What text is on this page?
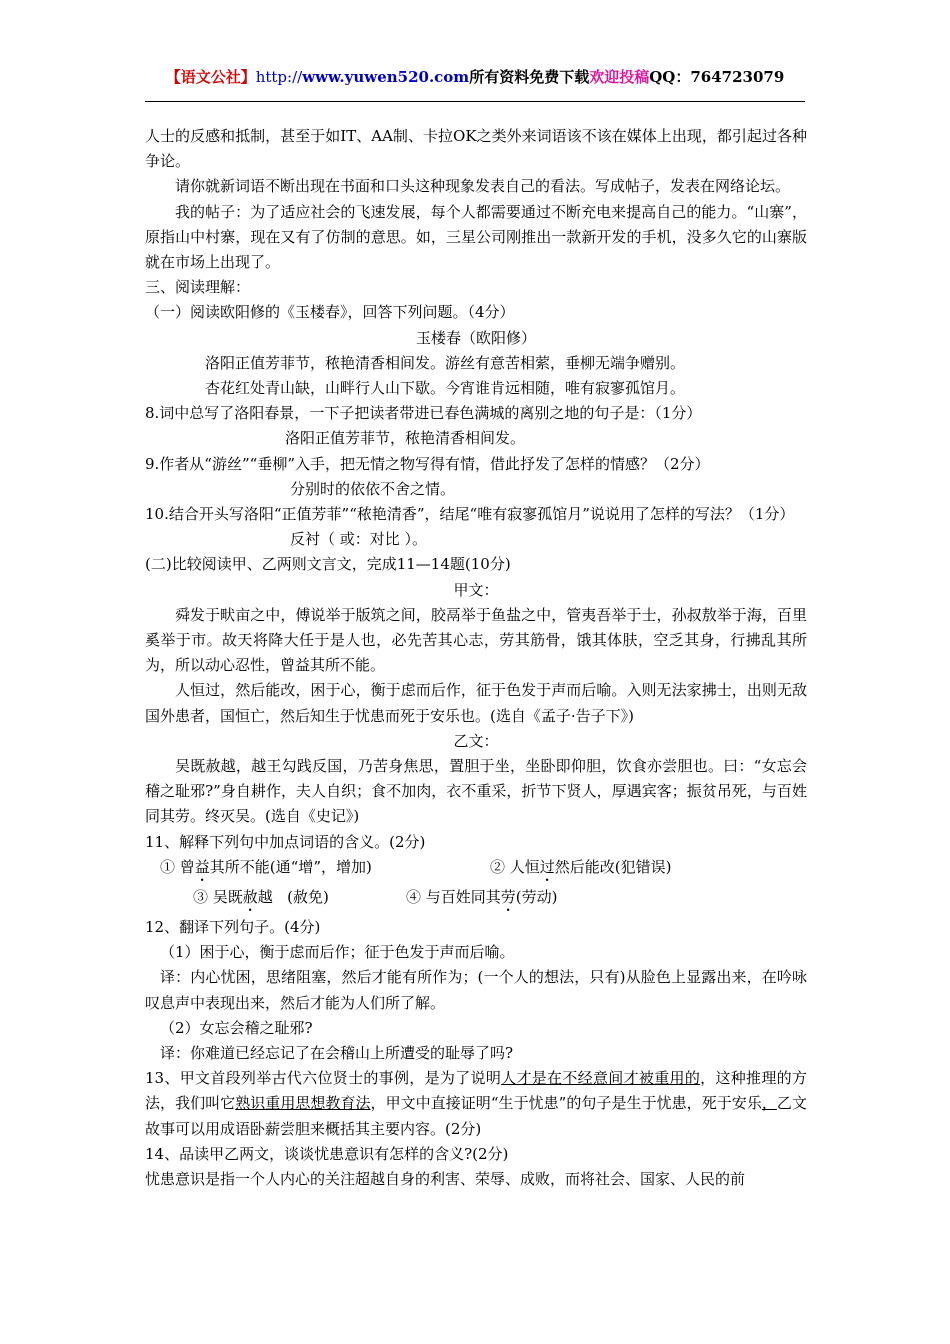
【语文公社】http://www.yuwen520.com所有资料免费下载欢迎投稿QQ：764723079

人士的反感和抵制，甚至于如IT、AA制、卡拉OK之类外来词语该不该在媒体上出现，都引起过各种争论。

请你就新词语不断出现在书面和口头这种现象发表自己的看法。写成帖子，发表在网络论坛。

我的帖子：为了适应社会的飞速发展，每个人都需要通过不断充电来提高自己的能力。“山寨”，原指山中村寨，现在又有了仿制的意思。如，三星公司刚推出一款新开发的手机，没多久它的山寨版就在市场上出现了。

三、阅读理解：

（一）阅读欧阳修的《玉楼春》，回答下列问题。（4分）

玉楼春（欧阳修）

洛阳正值芳菲节，秾艳清香相间发。游丝有意苦相萦，垂柳无端争赠别。

杏花红处青山缺，山畔行人山下歇。今宵谁肯远相随，唯有寂寥孤馆月。

8.词中总写了洛阳春景，一下子把读者带进已春色满城的离别之地的句子是：（1分）

洛阳正值芳菲节，秾艳清香相间发。

9.作者从“游丝”“垂柳”入手，把无情之物写得有情，借此抒发了怎样的情感？（2分）

分别时的依依不舍之情。

10.结合开头写洛阳“正值芳菲”“秾艳清香”，结尾“唯有寂寥孤馆月”说说用了怎样的写法？（1分）

反衬（ 或：对比 ）。

(二)比较阅读甲、乙两则文言文，完成11—14题(10分)

甲文：

舜发于畎亩之中，傅说举于版筑之间，胶鬲举于鱼盐之中，管夷吾举于士，孙叔敖举于海，百里奚举于市。故天将降大任于是人也，必先苦其心志，劳其筋骨，饿其体肤，空乏其身，行拂乱其所为，所以动心忍性，曾益其所不能。

人恒过，然后能改，困于心，衡于虑而后作，征于色发于声而后喻。入则无法家拂士，出则无敌国外患者，国恒亡，然后知生于忧患而死于安乐也。(选自《孟子·告子下》)

乙文：

吴既赦越，越王勾践反国，乃苦身焦思，置胆于坐，坐卧即仰胆，饮食亦尝胆也。曰：“女忘会稽之耻邪?”身自耕作，夫人自织；食不加肉，衣不重采，折节下贤人，厚遇宾客；振贫吊死，与百姓同其劳。终灭吴。(选自《史记》)

11、解释下列句中加点词语的含义。(2分)

① 曾益其所不能(通“增”，增加)	② 人恒过然后能改(犯错误)
③ 吴既赦越   (赦免)	④ 与百姓同其劳(劳动)

12、翻译下列句子。(4分)

（1）困于心，衡于虑而后作；征于色发于声而后喻。

译：内心忧困，思绪阻塞，然后才能有所作为；(一个人的想法，只有)从脸色上显露出来，在吟咏叹息声中表现出来，然后才能为人们所了解。

（2）女忘会稽之耻邪?

译：你难道已经忘记了在会稽山上所遭受的耻辱了吗?

13、甲文首段列举古代六位贤士的事例，是为了说明人才是在不经意间才被重用的，这种推理的方法，我们叫它熟识重用思想教育法，甲文中直接证明“生于忧患”的句子是生于忧患，死于安乐，乙文故事可以用成语卧薪尝胆来概括其主要内容。(2分)

14、品读甲乙两文，谈谈忧患意识有怎样的含义?(2分)

忧患意识是指一个人内心的关注超越自身的利害、荣辱、成败，而将社会、国家、人民的前
